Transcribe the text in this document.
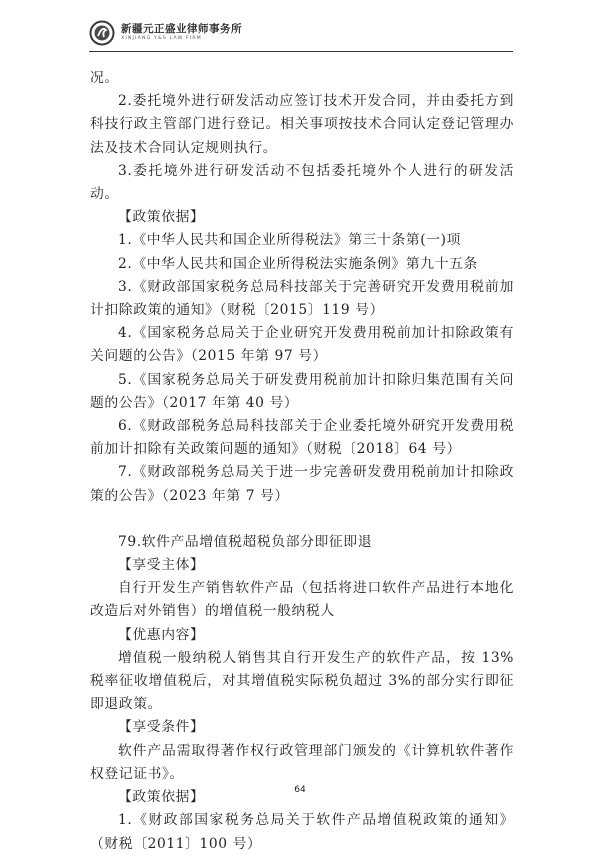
新疆元正盛业律师事务所
XINJIANG Y&S LAW FIRM

况。

2.委托境外进行研发活动应签订技术开发合同，并由委托方到科技行政主管部门进行登记。相关事项按技术合同认定登记管理办法及技术合同认定规则执行。

3.委托境外进行研发活动不包括委托境外个人进行的研发活动。

【政策依据】

1.《中华人民共和国企业所得税法》第三十条第(一)项

2.《中华人民共和国企业所得税法实施条例》第九十五条

3.《财政部国家税务总局科技部关于完善研究开发费用税前加计扣除政策的通知》（财税〔2015〕119 号）

4.《国家税务总局关于企业研究开发费用税前加计扣除政策有关问题的公告》（2015 年第 97 号）

5.《国家税务总局关于研发费用税前加计扣除归集范围有关问题的公告》（2017 年第 40 号）

6.《财政部税务总局科技部关于企业委托境外研究开发费用税前加计扣除有关政策问题的通知》（财税〔2018〕64 号）

7.《财政部税务总局关于进一步完善研发费用税前加计扣除政策的公告》（2023 年第 7 号）

79.软件产品增值税超税负部分即征即退

【享受主体】

自行开发生产销售软件产品（包括将进口软件产品进行本地化改造后对外销售）的增值税一般纳税人

【优惠内容】

增值税一般纳税人销售其自行开发生产的软件产品，按 13%税率征收增值税后，对其增值税实际税负超过 3%的部分实行即征即退政策。

【享受条件】

软件产品需取得著作权行政管理部门颁发的《计算机软件著作权登记证书》。

【政策依据】

1.《财政部国家税务总局关于软件产品增值税政策的通知》（财税〔2011〕100 号）

64
